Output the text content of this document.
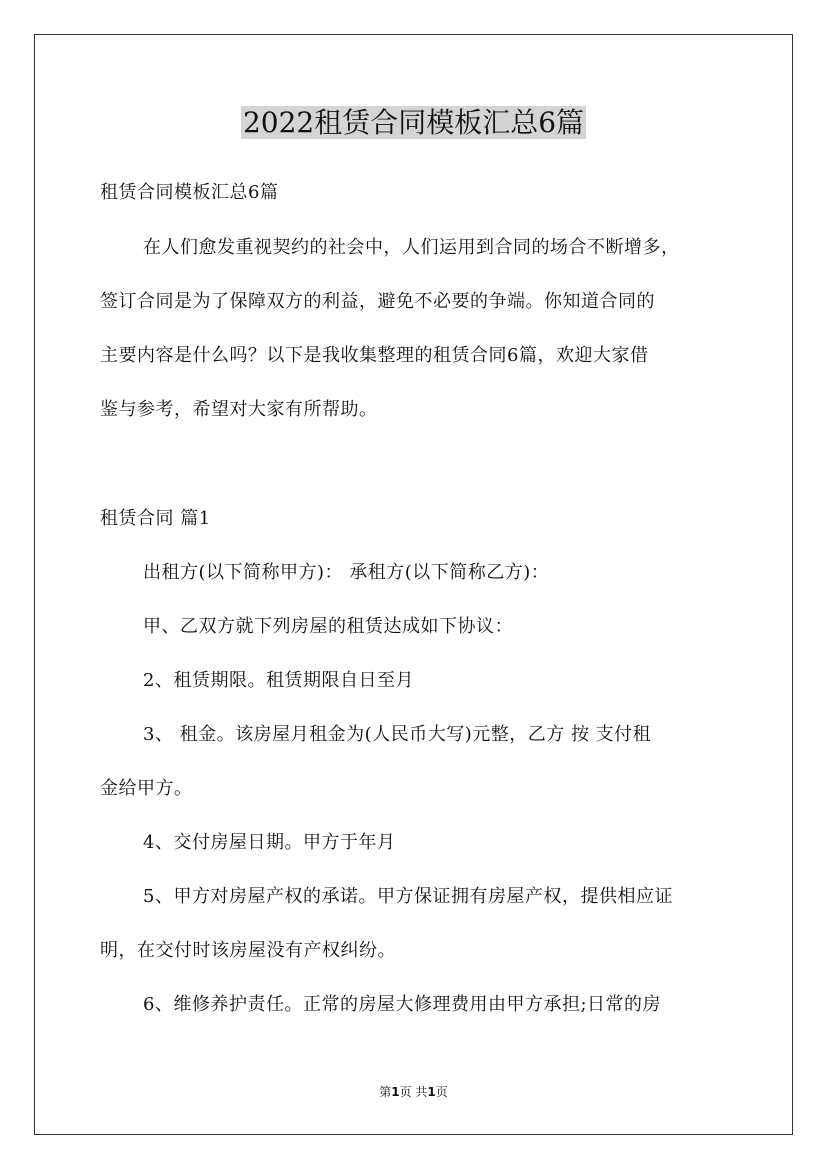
2022租赁合同模板汇总6篇

租赁合同模板汇总6篇

在人们愈发重视契约的社会中，人们运用到合同的场合不断增多，

签订合同是为了保障双方的利益，避免不必要的争端。你知道合同的

主要内容是什么吗？以下是我收集整理的租赁合同6篇，欢迎大家借

鉴与参考，希望对大家有所帮助。

租赁合同 篇1

出租方(以下简称甲方)： 承租方(以下简称乙方)：

甲、乙双方就下列房屋的租赁达成如下协议：

2、租赁期限。租赁期限自日至月

3、 租金。该房屋月租金为(人民币大写)元整，乙方 按 支付租

金给甲方。

4、交付房屋日期。甲方于年月

5、甲方对房屋产权的承诺。甲方保证拥有房屋产权，提供相应证

明，在交付时该房屋没有产权纠纷。

6、维修养护责任。正常的房屋大修理费用由甲方承担;日常的房

第1页 共1页
